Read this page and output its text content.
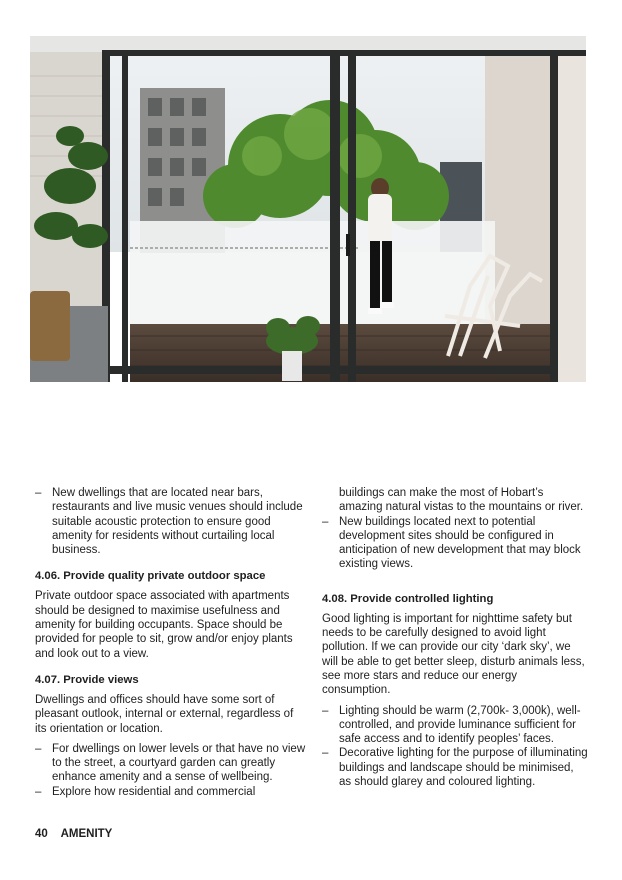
– New dwellings that are located near bars, restaurants and live music venues should include suitable acoustic protection to ensure good amenity for residents without curtailing local business.
4.06. Provide quality private outdoor space

Private outdoor space associated with apartments should be designed to maximise usefulness and amenity for building occupants. Space should be provided for people to sit, grow and/or enjoy plants and look out to a view.

4.07. Provide views

Dwellings and offices should have some sort of pleasant outlook, internal or external, regardless of its orientation or location.

– For dwellings on lower levels or that have no view to the street, a courtyard garden can greatly enhance amenity and a sense of wellbeing.
– Explore how residential and commercial

buildings can make the most of Hobart’s amazing natural vistas to the mountains or river.

– New buildings located next to potential development sites should be configured in anticipation of new development that may block existing views.
4.08. Provide controlled lighting

Good lighting is important for nighttime safety but needs to be carefully designed to avoid light pollution. If we can provide our city ‘dark sky’, we will be able to get better sleep, disturb animals less, see more stars and reduce our energy consumption.

– Lighting should be warm (2,700k- 3,000k), well-controlled, and provide luminance sufficient for safe access and to identify peoples’ faces.
– Decorative lighting for the purpose of illuminating buildings and landscape should be minimised, as should glarey and coloured lighting.
40 AMENITY
